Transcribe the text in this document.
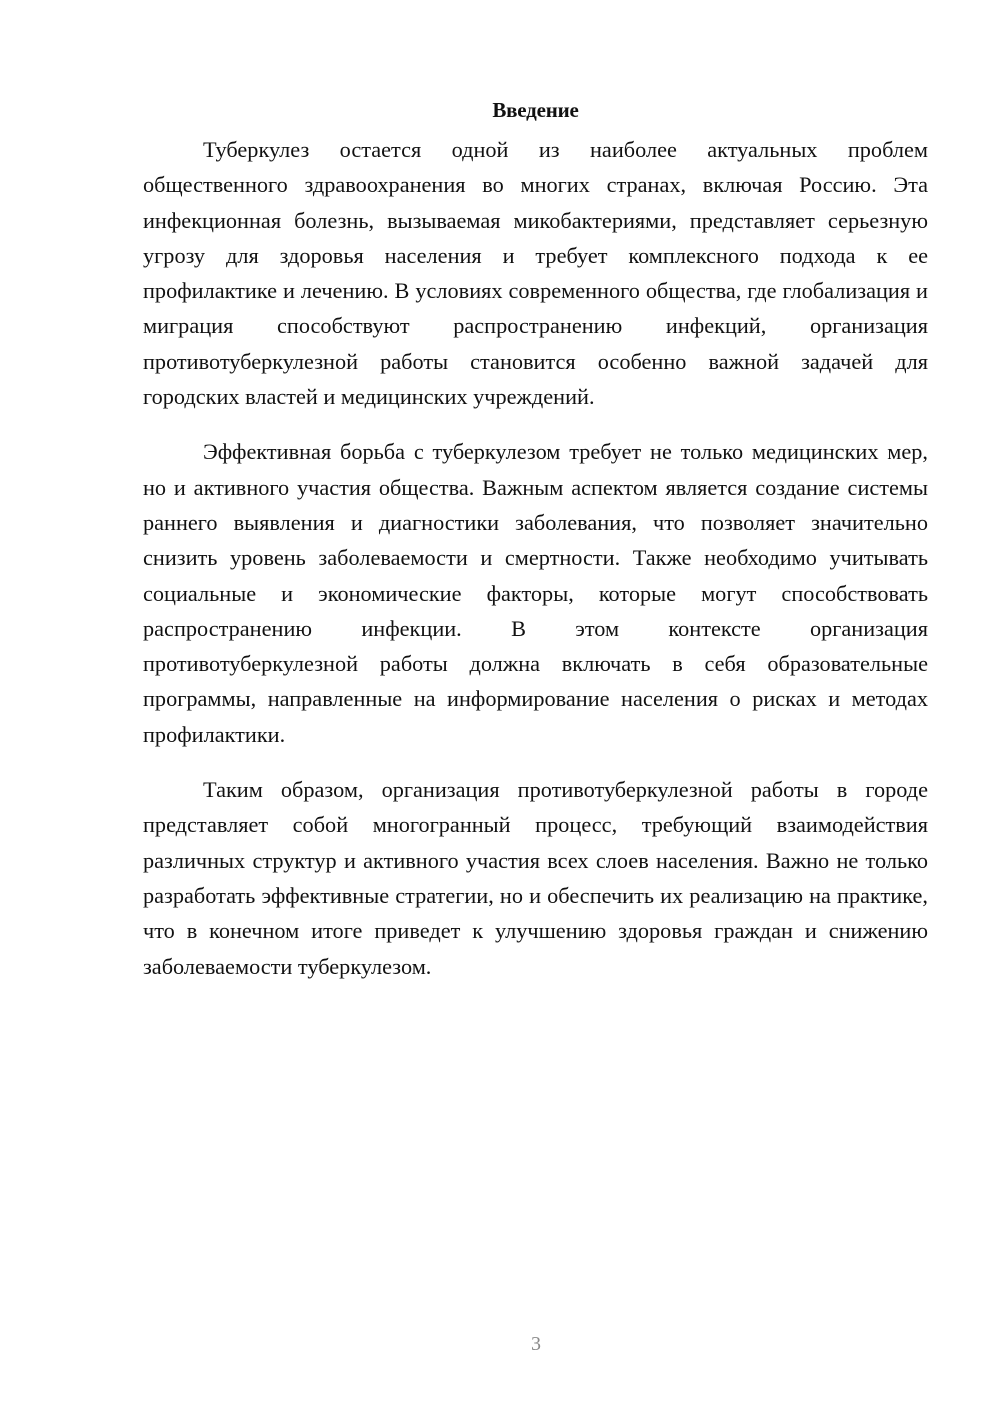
Введение

Туберкулез остается одной из наиболее актуальных проблем общественного здравоохранения во многих странах, включая Россию. Эта инфекционная болезнь, вызываемая микобактериями, представляет серьезную угрозу для здоровья населения и требует комплексного подхода к ее профилактике и лечению. В условиях современного общества, где глобализация и миграция способствуют распространению инфекций, организация противотуберкулезной работы становится особенно важной задачей для городских властей и медицинских учреждений.

Эффективная борьба с туберкулезом требует не только медицинских мер, но и активного участия общества. Важным аспектом является создание системы раннего выявления и диагностики заболевания, что позволяет значительно снизить уровень заболеваемости и смертности. Также необходимо учитывать социальные и экономические факторы, которые могут способствовать распространению инфекции. В этом контексте организация противотуберкулезной работы должна включать в себя образовательные программы, направленные на информирование населения о рисках и методах профилактики.

Таким образом, организация противотуберкулезной работы в городе представляет собой многогранный процесс, требующий взаимодействия различных структур и активного участия всех слоев населения. Важно не только разработать эффективные стратегии, но и обеспечить их реализацию на практике, что в конечном итоге приведет к улучшению здоровья граждан и снижению заболеваемости туберкулезом.

3
